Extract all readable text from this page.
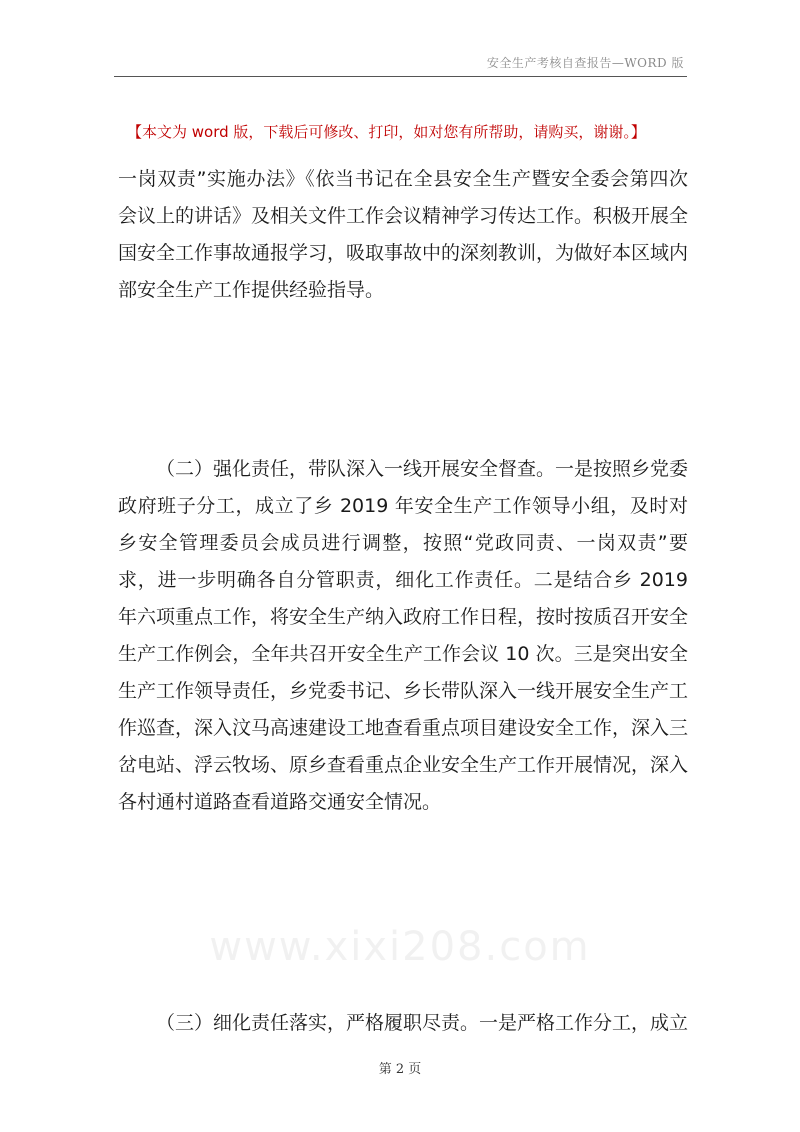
安全生产考核自查报告—WORD 版
【本文为 word 版，下载后可修改、打印，如对您有所帮助，请购买，谢谢。】

一岗双责”实施办法》《依当书记在全县安全生产暨安全委会第四次会议上的讲话》及相关文件工作会议精神学习传达工作。积极开展全国安全工作事故通报学习，吸取事故中的深刻教训，为做好本区域内部安全生产工作提供经验指导。

（二）强化责任，带队深入一线开展安全督查。一是按照乡党委政府班子分工，成立了乡 2019 年安全生产工作领导小组，及时对乡安全管理委员会成员进行调整，按照“党政同责、一岗双责”要求，进一步明确各自分管职责，细化工作责任。二是结合乡 2019 年六项重点工作，将安全生产纳入政府工作日程，按时按质召开安全生产工作例会，全年共召开安全生产工作会议 10 次。三是突出安全生产工作领导责任，乡党委书记、乡长带队深入一线开展安全生产工作巡查，深入汶马高速建设工地查看重点项目建设安全工作，深入三岔电站、浮云牧场、原乡查看重点企业安全生产工作开展情况，深入各村通村道路查看道路交通安全情况。

www.xixi208.com

（三）细化责任落实，严格履职尽责。一是严格工作分工，成立

第 2 页
